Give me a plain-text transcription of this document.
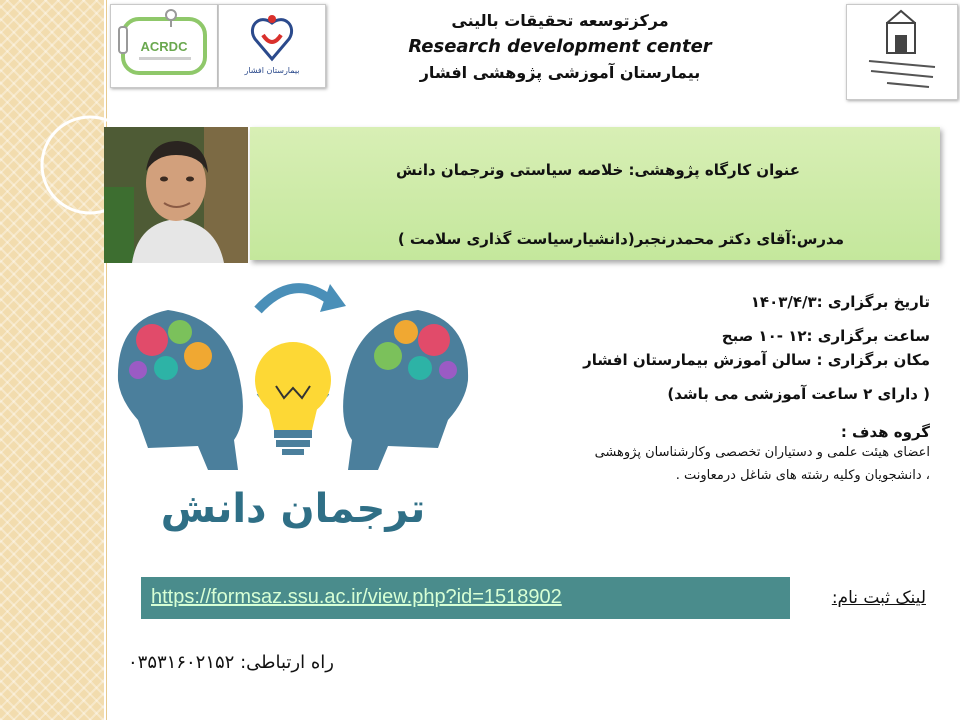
ACRDC
بیمارستان افشار
مرکزتوسعه تحقیقات بالینی
Research development center
بیمارستان آموزشی پژوهشی افشار
عنوان کارگاه پژوهشی: خلاصه سیاستی وترجمان دانش
مدرس:آقای دکتر محمدرنجبر(دانشیارسیاست گذاری سلامت )
ترجمان دانش
تاریخ برگزاری :۱۴۰۳/۴/۳
ساعت برگزاری :۱۲ -۱۰ صبح
مکان برگزاری : سالن آموزش بیمارستان افشار
( دارای ۲ ساعت آموزشی می باشد)
گروه هدف :
اعضای هیئت علمی و دستیاران تخصصی وکارشناسان پژوهشی
، دانشجویان وکلیه رشته های شاغل درمعاونت .
https://formsaz.ssu.ac.ir/view.php?id=1518902	لینک ثبت نام:
راه ارتباطی: ۰۳۵۳۱۶۰۲۱۵۲
